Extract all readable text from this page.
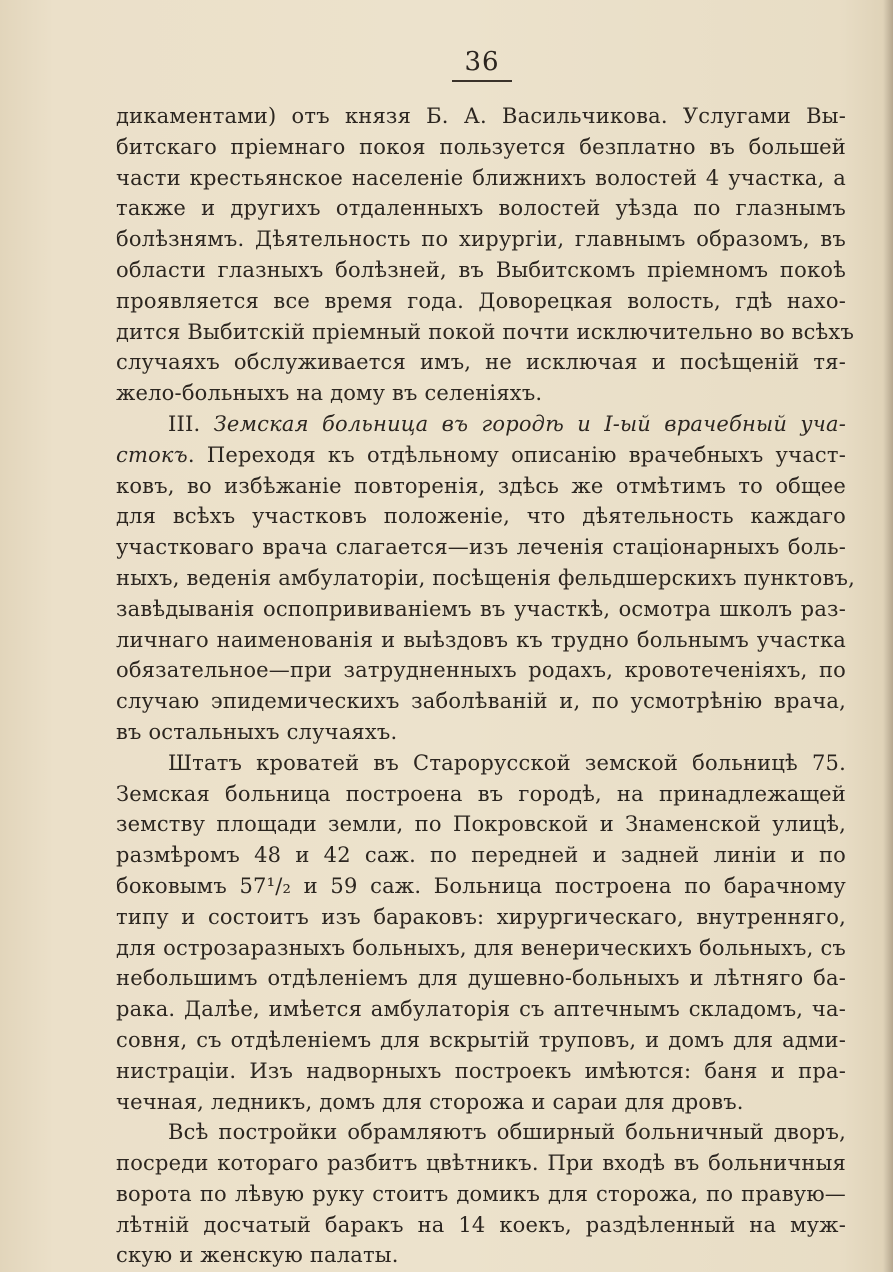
36
дикаментами) отъ князя Б. А. Васильчикова. Услугами Вы-
битскаго пріемнаго покоя пользуется безплатно въ большей
части крестьянское населеніе ближнихъ волостей 4 участка, а
также и другихъ отдаленныхъ волостей уѣзда по глазнымъ
болѣзнямъ. Дѣятельность по хирургіи, главнымъ образомъ, въ
области глазныхъ болѣзней, въ Выбитскомъ пріемномъ покоѣ
проявляется все время года. Доворецкая волость, гдѣ нахо-
дится Выбитскій пріемный покой почти исключительно во всѣхъ
случаяхъ обслуживается имъ, не исключая и посѣщеній тя-
жело-больныхъ на дому въ селеніяхъ.
III. Земская больница въ городѣ и I-ый врачебный уча-
стокъ. Переходя къ отдѣльному описанію врачебныхъ участ-
ковъ, во избѣжаніе повторенія, здѣсь же отмѣтимъ то общее
для всѣхъ участковъ положеніе, что дѣятельность каждаго
участковаго врача слагается—изъ леченія стаціонарныхъ боль-
ныхъ, веденія амбулаторіи, посѣщенія фельдшерскихъ пунктовъ,
завѣдыванія оспопрививаніемъ въ участкѣ, осмотра школъ раз-
личнаго наименованія и выѣздовъ къ трудно больнымъ участка
обязательное—при затрудненныхъ родахъ, кровотеченіяхъ, по
случаю эпидемическихъ заболѣваній и, по усмотрѣнію врача,
въ остальныхъ случаяхъ.
Штатъ кроватей въ Старорусской земской больницѣ 75.
Земская больница построена въ городѣ, на принадлежащей
земству площади земли, по Покровской и Знаменской улицѣ,
размѣромъ 48 и 42 саж. по передней и задней линіи и по
боковымъ 57¹/₂ и 59 саж. Больница построена по барачному
типу и состоитъ изъ бараковъ: хирургическаго, внутренняго,
для острозаразныхъ больныхъ, для венерическихъ больныхъ, съ
небольшимъ отдѣленіемъ для душевно-больныхъ и лѣтняго ба-
рака. Далѣе, имѣется амбулаторія съ аптечнымъ складомъ, ча-
совня, съ отдѣленіемъ для вскрытій труповъ, и домъ для адми-
нистраціи. Изъ надворныхъ построекъ имѣются: баня и пра-
чечная, ледникъ, домъ для сторожа и сараи для дровъ.
Всѣ постройки обрамляютъ обширный больничный дворъ,
посреди котораго разбитъ цвѣтникъ. При входѣ въ больничныя
ворота по лѣвую руку стоитъ домикъ для сторожа, по правую—
лѣтній досчатый баракъ на 14 коекъ, раздѣленный на муж-
скую и женскую палаты.
